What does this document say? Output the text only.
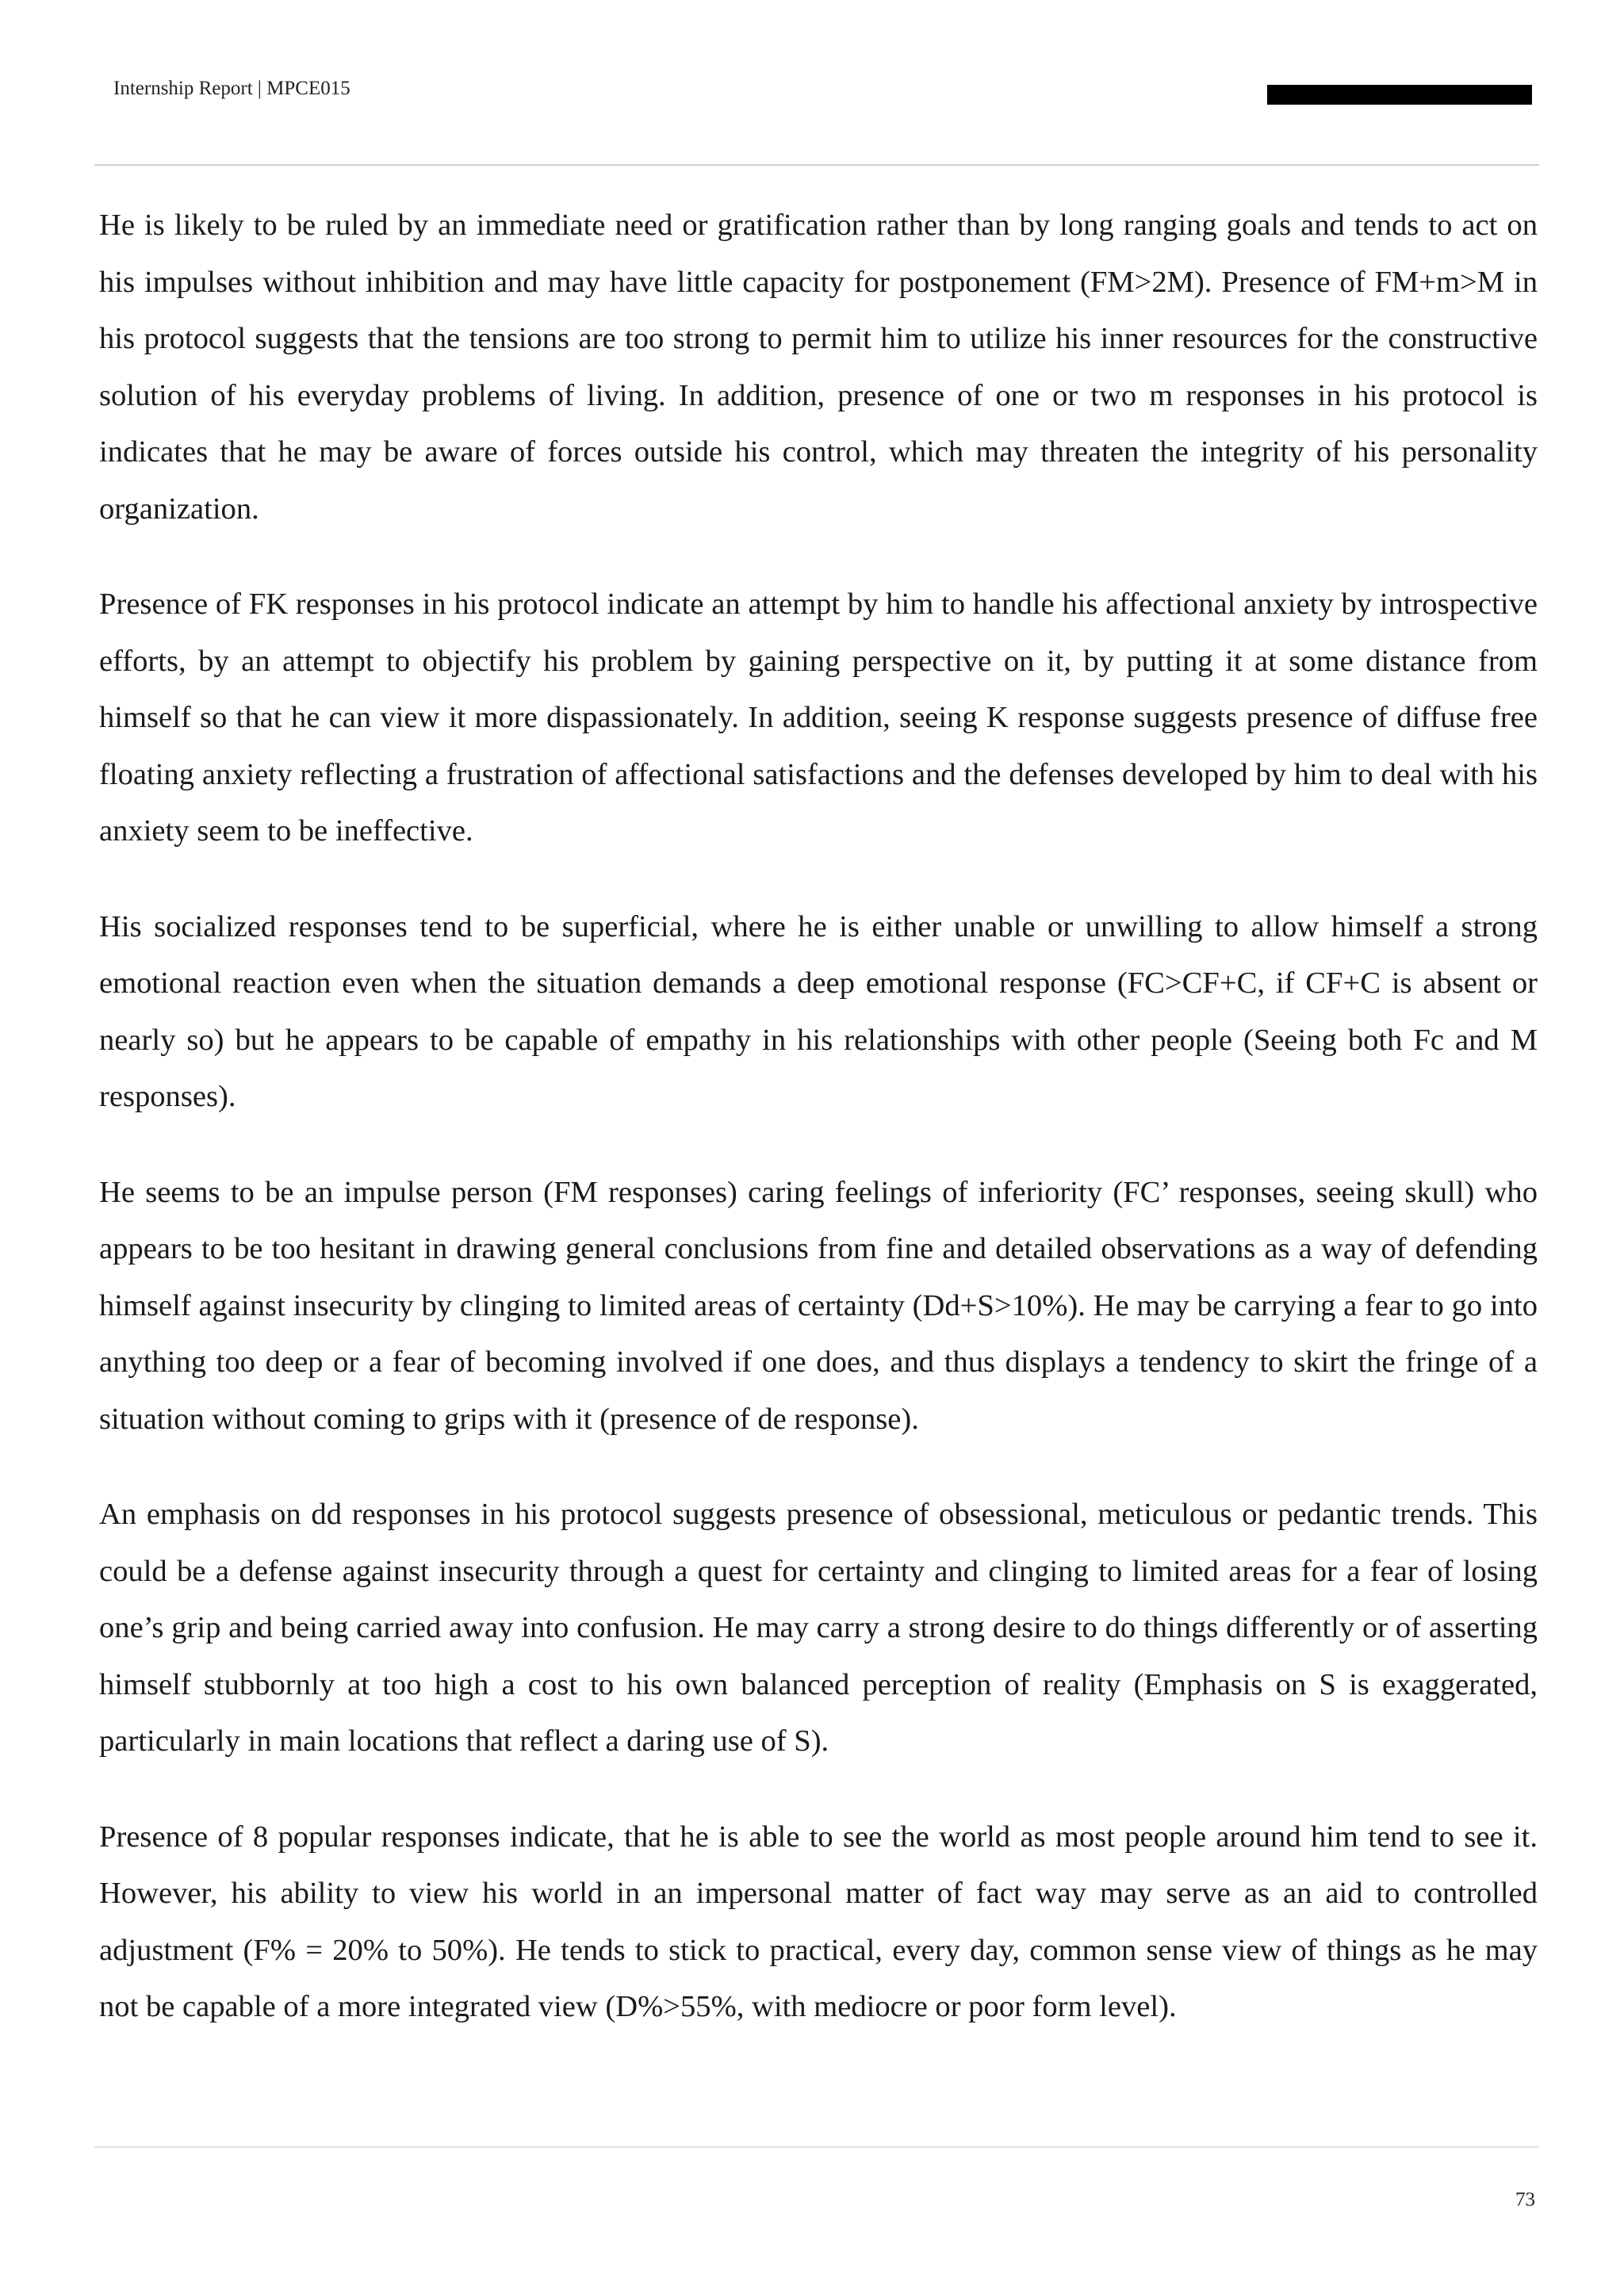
Internship Report | MPCE015

He is likely to be ruled by an immediate need or gratification rather than by long ranging goals and tends to act on his impulses without inhibition and may have little capacity for postponement (FM>2M). Presence of FM+m>M in his protocol suggests that the tensions are too strong to permit him to utilize his inner resources for the constructive solution of his everyday problems of living. In addition, presence of one or two m responses in his protocol is indicates that he may be aware of forces outside his control, which may threaten the integrity of his personality organization.

Presence of FK responses in his protocol indicate an attempt by him to handle his affectional anxiety by introspective efforts, by an attempt to objectify his problem by gaining perspective on it, by putting it at some distance from himself so that he can view it more dispassionately. In addition, seeing K response suggests presence of diffuse free floating anxiety reflecting a frustration of affectional satisfactions and the defenses developed by him to deal with his anxiety seem to be ineffective.

His socialized responses tend to be superficial, where he is either unable or unwilling to allow himself a strong emotional reaction even when the situation demands a deep emotional response (FC>CF+C, if CF+C is absent or nearly so) but he appears to be capable of empathy in his relationships with other people (Seeing both Fc and M responses).

He seems to be an impulse person (FM responses) caring feelings of inferiority (FC’ responses, seeing skull) who appears to be too hesitant in drawing general conclusions from fine and detailed observations as a way of defending himself against insecurity by clinging to limited areas of certainty (Dd+S>10%). He may be carrying a fear to go into anything too deep or a fear of becoming involved if one does, and thus displays a tendency to skirt the fringe of a situation without coming to grips with it (presence of de response).

An emphasis on dd responses in his protocol suggests presence of obsessional, meticulous or pedantic trends. This could be a defense against insecurity through a quest for certainty and clinging to limited areas for a fear of losing one’s grip and being carried away into confusion. He may carry a strong desire to do things differently or of asserting himself stubbornly at too high a cost to his own balanced perception of reality (Emphasis on S is exaggerated, particularly in main locations that reflect a daring use of S).

Presence of 8 popular responses indicate, that he is able to see the world as most people around him tend to see it. However, his ability to view his world in an impersonal matter of fact way may serve as an aid to controlled adjustment (F% = 20% to 50%). He tends to stick to practical, every day, common sense view of things as he may not be capable of a more integrated view (D%>55%, with mediocre or poor form level).

73
